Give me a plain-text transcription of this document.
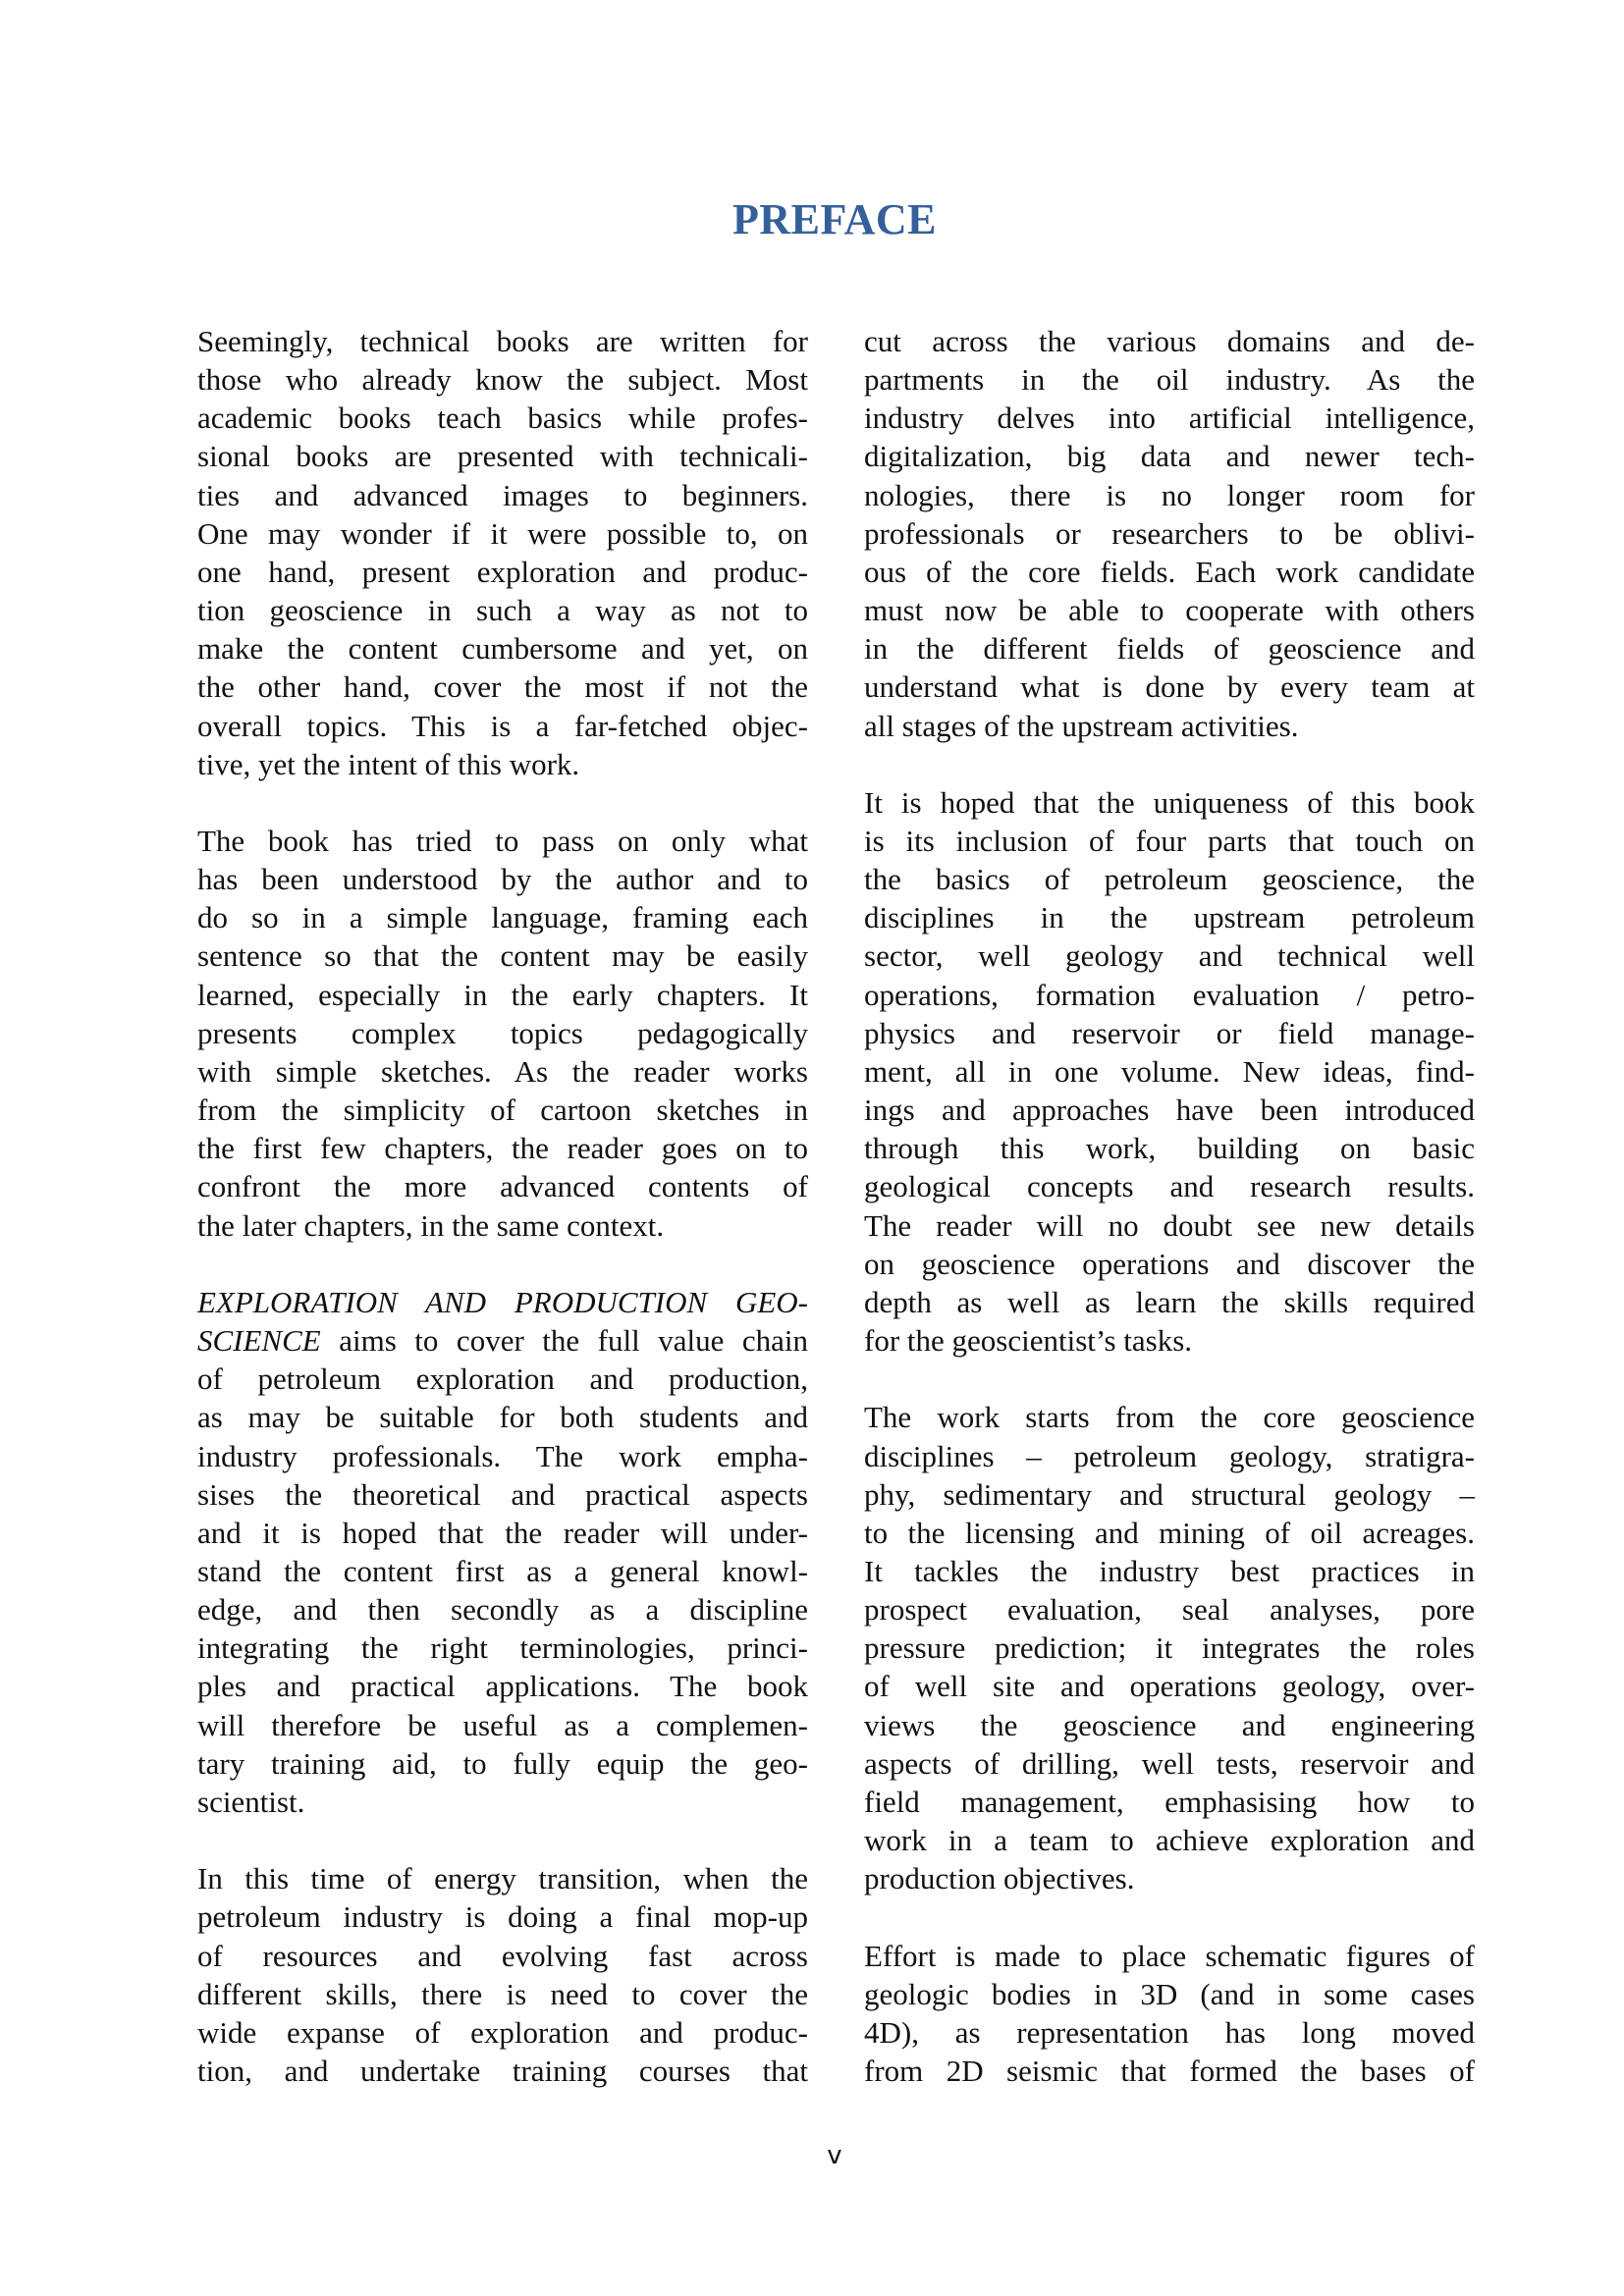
PREFACE

Seemingly, technical books are written for
those who already know the subject. Most
academic books teach basics while profes-
sional books are presented with technicali-
ties and advanced images to beginners.
One may wonder if it were possible to, on
one hand, present exploration and produc-
tion geoscience in such a way as not to
make the content cumbersome and yet, on
the other hand, cover the most if not the
overall topics. This is a far-fetched objec-
tive, yet the intent of this work.

The book has tried to pass on only what
has been understood by the author and to
do so in a simple language, framing each
sentence so that the content may be easily
learned, especially in the early chapters. It
presents complex topics pedagogically
with simple sketches. As the reader works
from the simplicity of cartoon sketches in
the first few chapters, the reader goes on to
confront the more advanced contents of
the later chapters, in the same context.

EXPLORATION AND PRODUCTION GEO-
SCIENCE aims to cover the full value chain
of petroleum exploration and production,
as may be suitable for both students and
industry professionals. The work empha-
sises the theoretical and practical aspects
and it is hoped that the reader will under-
stand the content first as a general knowl-
edge, and then secondly as a discipline
integrating the right terminologies, princi-
ples and practical applications. The book
will therefore be useful as a complemen-
tary training aid, to fully equip the geo-
scientist.

In this time of energy transition, when the
petroleum industry is doing a final mop-up
of resources and evolving fast across
different skills, there is need to cover the
wide expanse of exploration and produc-
tion, and undertake training courses that

cut across the various domains and de-
partments in the oil industry. As the
industry delves into artificial intelligence,
digitalization, big data and newer tech-
nologies, there is no longer room for
professionals or researchers to be oblivi-
ous of the core fields. Each work candidate
must now be able to cooperate with others
in the different fields of geoscience and
understand what is done by every team at
all stages of the upstream activities.

It is hoped that the uniqueness of this book
is its inclusion of four parts that touch on
the basics of petroleum geoscience, the
disciplines in the upstream petroleum
sector, well geology and technical well
operations, formation evaluation / petro-
physics and reservoir or field manage-
ment, all in one volume. New ideas, find-
ings and approaches have been introduced
through this work, building on basic
geological concepts and research results.
The reader will no doubt see new details
on geoscience operations and discover the
depth as well as learn the skills required
for the geoscientist’s tasks.

The work starts from the core geoscience
disciplines – petroleum geology, stratigra-
phy, sedimentary and structural geology –
to the licensing and mining of oil acreages.
It tackles the industry best practices in
prospect evaluation, seal analyses, pore
pressure prediction; it integrates the roles
of well site and operations geology, over-
views the geoscience and engineering
aspects of drilling, well tests, reservoir and
field management, emphasising how to
work in a team to achieve exploration and
production objectives.

Effort is made to place schematic figures of
geologic bodies in 3D (and in some cases
4D), as representation has long moved
from 2D seismic that formed the bases of

v
